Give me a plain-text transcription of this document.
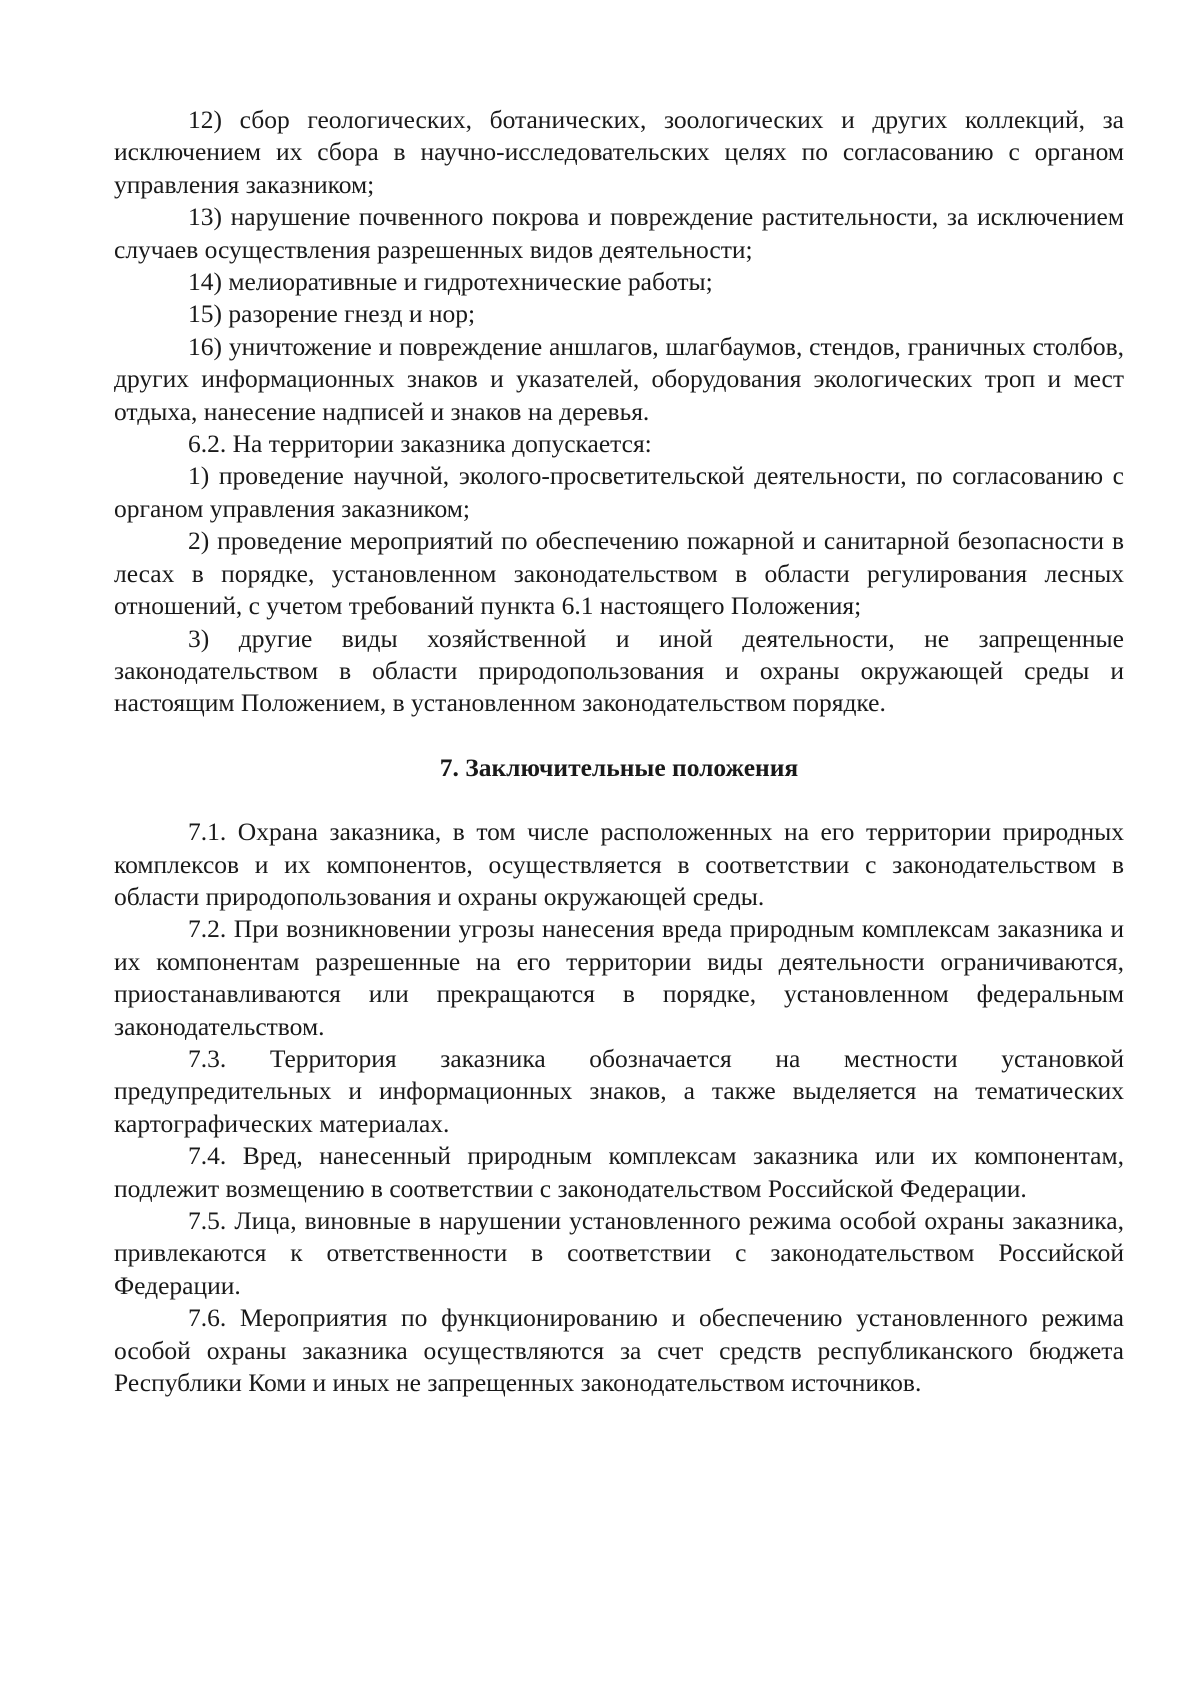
12) сбор геологических, ботанических, зоологических и других коллекций, за исключением их сбора в научно-исследовательских целях по согласованию с органом управления заказником;

13) нарушение почвенного покрова и повреждение растительности, за исключением случаев осуществления разрешенных видов деятельности;

14) мелиоративные и гидротехнические работы;

15) разорение гнезд и нор;

16) уничтожение и повреждение аншлагов, шлагбаумов, стендов, граничных столбов, других информационных знаков и указателей, оборудования экологических троп и мест отдыха, нанесение надписей и знаков на деревья.

6.2. На территории заказника допускается:

1) проведение научной, эколого-просветительской деятельности, по согласованию с органом управления заказником;

2) проведение мероприятий по обеспечению пожарной и санитарной безопасности в лесах в порядке, установленном законодательством в области регулирования лесных отношений, с учетом требований пункта 6.1 настоящего Положения;

3) другие виды хозяйственной и иной деятельности, не запрещенные законодательством в области природопользования и охраны окружающей среды и настоящим Положением, в установленном законодательством порядке.

7. Заключительные положения

7.1. Охрана заказника, в том числе расположенных на его территории природных комплексов и их компонентов, осуществляется в соответствии с законодательством в области природопользования и охраны окружающей среды.

7.2. При возникновении угрозы нанесения вреда природным комплексам заказника и их компонентам разрешенные на его территории виды деятельности ограничиваются, приостанавливаются или прекращаются в порядке, установленном федеральным законодательством.

7.3. Территория заказника обозначается на местности установкой предупредительных и информационных знаков, а также выделяется на тематических картографических материалах.

7.4. Вред, нанесенный природным комплексам заказника или их компонентам, подлежит возмещению в соответствии с законодательством Российской Федерации.

7.5. Лица, виновные в нарушении установленного режима особой охраны заказника, привлекаются к ответственности в соответствии с законодательством Российской Федерации.

7.6. Мероприятия по функционированию и обеспечению установленного режима особой охраны заказника осуществляются за счет средств республиканского бюджета Республики Коми и иных не запрещенных законодательством источников.
